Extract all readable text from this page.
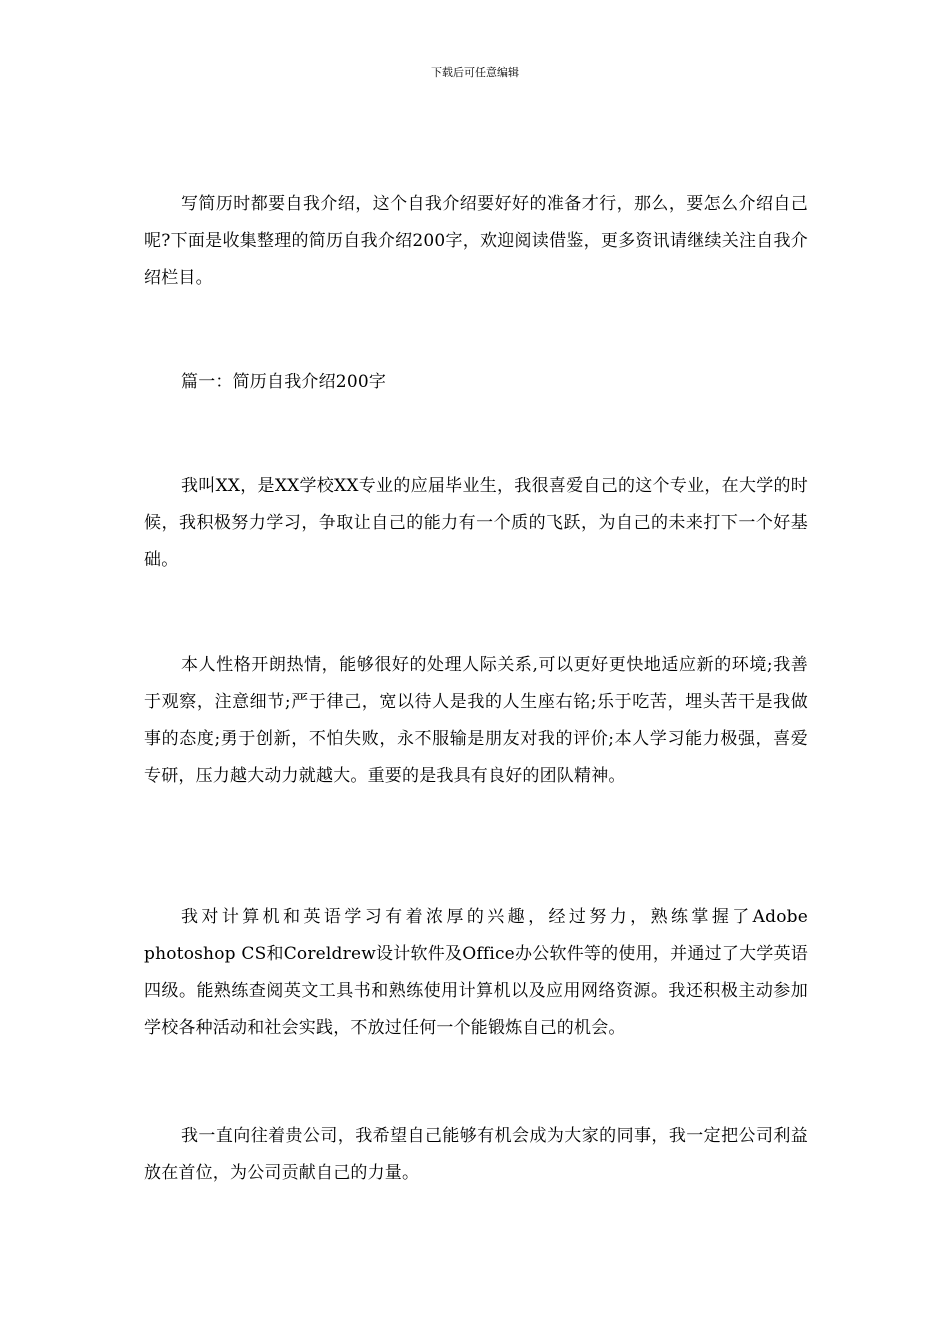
下载后可任意编辑

写简历时都要自我介绍，这个自我介绍要好好的准备才行，那么，要怎么介绍自己呢?下面是收集整理的简历自我介绍200字，欢迎阅读借鉴，更多资讯请继续关注自我介绍栏目。

篇一：简历自我介绍200字

我叫XX，是XX学校XX专业的应届毕业生，我很喜爱自己的这个专业，在大学的时候，我积极努力学习，争取让自己的能力有一个质的飞跃，为自己的未来打下一个好基础。

本人性格开朗热情，能够很好的处理人际关系,可以更好更快地适应新的环境;我善于观察，注意细节;严于律己，宽以待人是我的人生座右铭;乐于吃苦，埋头苦干是我做事的态度;勇于创新，不怕失败，永不服输是朋友对我的评价;本人学习能力极强，喜爱专研，压力越大动力就越大。重要的是我具有良好的团队精神。

我对计算机和英语学习有着浓厚的兴趣，经过努力，熟练掌握了Adobe photoshop CS和Coreldrew设计软件及Office办公软件等的使用，并通过了大学英语四级。能熟练查阅英文工具书和熟练使用计算机以及应用网络资源。我还积极主动参加学校各种活动和社会实践，不放过任何一个能锻炼自己的机会。

我一直向往着贵公司，我希望自己能够有机会成为大家的同事，我一定把公司利益放在首位，为公司贡献自己的力量。
